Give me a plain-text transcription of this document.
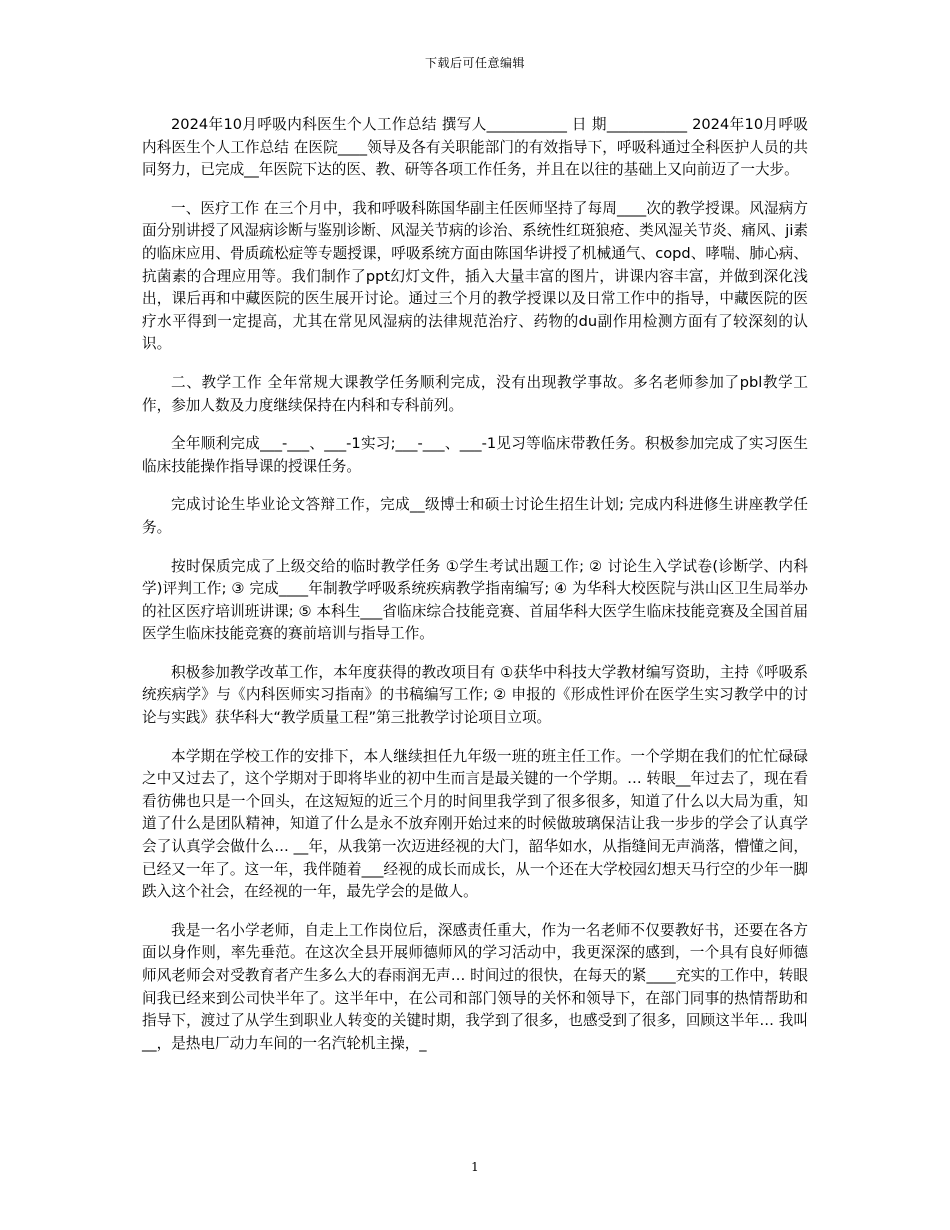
下载后可任意编辑

2024年10月呼吸内科医生个人工作总结 撰写人___________ 日 期___________ 2024年10月呼吸内科医生个人工作总结 在医院____领导及各有关职能部门的有效指导下，呼吸科通过全科医护人员的共同努力，已完成__年医院下达的医、教、研等各项工作任务，并且在以往的基础上又向前迈了一大步。

一、医疗工作 在三个月中，我和呼吸科陈国华副主任医师坚持了每周____次的教学授课。风湿病方面分别讲授了风湿病诊断与鉴别诊断、风湿关节病的诊治、系统性红斑狼疮、类风湿关节炎、痛风、ji素的临床应用、骨质疏松症等专题授课，呼吸系统方面由陈国华讲授了机械通气、copd、哮喘、肺心病、抗菌素的合理应用等。我们制作了ppt幻灯文件，插入大量丰富的图片，讲课内容丰富，并做到深化浅出，课后再和中藏医院的医生展开讨论。通过三个月的教学授课以及日常工作中的指导，中藏医院的医疗水平得到一定提高，尤其在常见风湿病的法律规范治疗、药物的du副作用检测方面有了较深刻的认识。

二、教学工作 全年常规大课教学任务顺利完成，没有出现教学事故。多名老师参加了pbl教学工作，参加人数及力度继续保持在内科和专科前列。

全年顺利完成___-___、___-1实习;___-___、___-1见习等临床带教任务。积极参加完成了实习医生临床技能操作指导课的授课任务。

完成讨论生毕业论文答辩工作，完成__级博士和硕士讨论生招生计划; 完成内科进修生讲座教学任务。

按时保质完成了上级交给的临时教学任务 ①学生考试出题工作; ② 讨论生入学试卷(诊断学、内科学)评判工作; ③ 完成____年制教学呼吸系统疾病教学指南编写; ④ 为华科大校医院与洪山区卫生局举办的社区医疗培训班讲课; ⑤ 本科生___省临床综合技能竞赛、首届华科大医学生临床技能竞赛及全国首届医学生临床技能竞赛的赛前培训与指导工作。

积极参加教学改革工作，本年度获得的教改项目有 ①获华中科技大学教材编写资助，主持《呼吸系统疾病学》与《内科医师实习指南》的书稿编写工作; ② 申报的《形成性评价在医学生实习教学中的讨论与实践》获华科大“教学质量工程”第三批教学讨论项目立项。

本学期在学校工作的安排下，本人继续担任九年级一班的班主任工作。一个学期在我们的忙忙碌碌之中又过去了，这个学期对于即将毕业的初中生而言是最关键的一个学期。… 转眼__年过去了，现在看看彷佛也只是一个回头，在这短短的近三个月的时间里我学到了很多很多，知道了什么以大局为重，知道了什么是团队精神，知道了什么是永不放弃刚开始过来的时候做玻璃保洁让我一步步的学会了认真学会了认真学会做什么… __年，从我第一次迈进经视的大门，韶华如水，从指缝间无声淌落，懵懂之间，已经又一年了。这一年，我伴随着___经视的成长而成长，从一个还在大学校园幻想天马行空的少年一脚跌入这个社会，在经视的一年，最先学会的是做人。

我是一名小学老师，自走上工作岗位后，深感责任重大，作为一名老师不仅要教好书，还要在各方面以身作则，率先垂范。在这次全县开展师德师风的学习活动中，我更深深的感到，一个具有良好师德师风老师会对受教育者产生多么大的春雨润无声… 时间过的很快，在每天的紧____充实的工作中，转眼间我已经来到公司快半年了。这半年中，在公司和部门领导的关怀和领导下，在部门同事的热情帮助和指导下，渡过了从学生到职业人转变的关键时期，我学到了很多，也感受到了很多，回顾这半年… 我叫__，是热电厂动力车间的一名汽轮机主操，_

1
